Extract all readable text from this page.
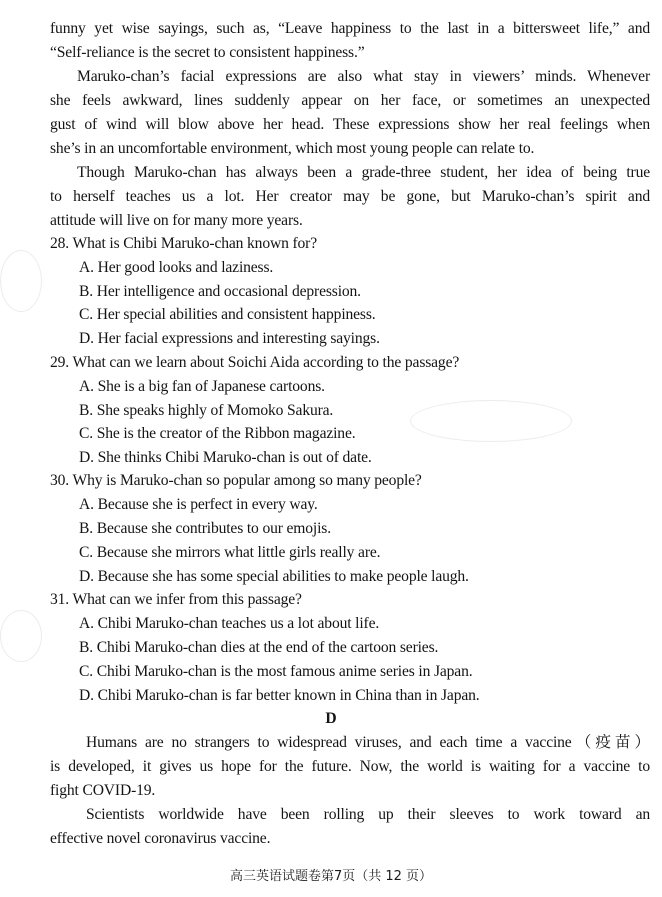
funny yet wise sayings, such as, “Leave happiness to the last in a bittersweet life,” and
“Self-reliance is the secret to consistent happiness.”
Maruko-chan’s facial expressions are also what stay in viewers’ minds. Whenever
she feels awkward, lines suddenly appear on her face, or sometimes an unexpected
gust of wind will blow above her head. These expressions show her real feelings when
she’s in an uncomfortable environment, which most young people can relate to.
Though Maruko-chan has always been a grade-three student, her idea of being true
to herself teaches us a lot. Her creator may be gone, but Maruko-chan’s spirit and
attitude will live on for many more years.
28. What is Chibi Maruko-chan known for?
A. Her good looks and laziness.
B. Her intelligence and occasional depression.
C. Her special abilities and consistent happiness.
D. Her facial expressions and interesting sayings.
29. What can we learn about Soichi Aida according to the passage?
A. She is a big fan of Japanese cartoons.
B. She speaks highly of Momoko Sakura.
C. She is the creator of the Ribbon magazine.
D. She thinks Chibi Maruko-chan is out of date.
30. Why is Maruko-chan so popular among so many people?
A. Because she is perfect in every way.
B. Because she contributes to our emojis.
C. Because she mirrors what little girls really are.
D. Because she has some special abilities to make people laugh.
31. What can we infer from this passage?
A. Chibi Maruko-chan teaches us a lot about life.
B. Chibi Maruko-chan dies at the end of the cartoon series.
C. Chibi Maruko-chan is the most famous anime series in Japan.
D. Chibi Maruko-chan is far better known in China than in Japan.
D
Humans are no strangers to widespread viruses, and each time a vaccine（疫苗）
is developed, it gives us hope for the future. Now, the world is waiting for a vaccine to
fight COVID-19.
Scientists worldwide have been rolling up their sleeves to work toward an
effective novel coronavirus vaccine.
高三英语试题卷第7页（共 12 页）
